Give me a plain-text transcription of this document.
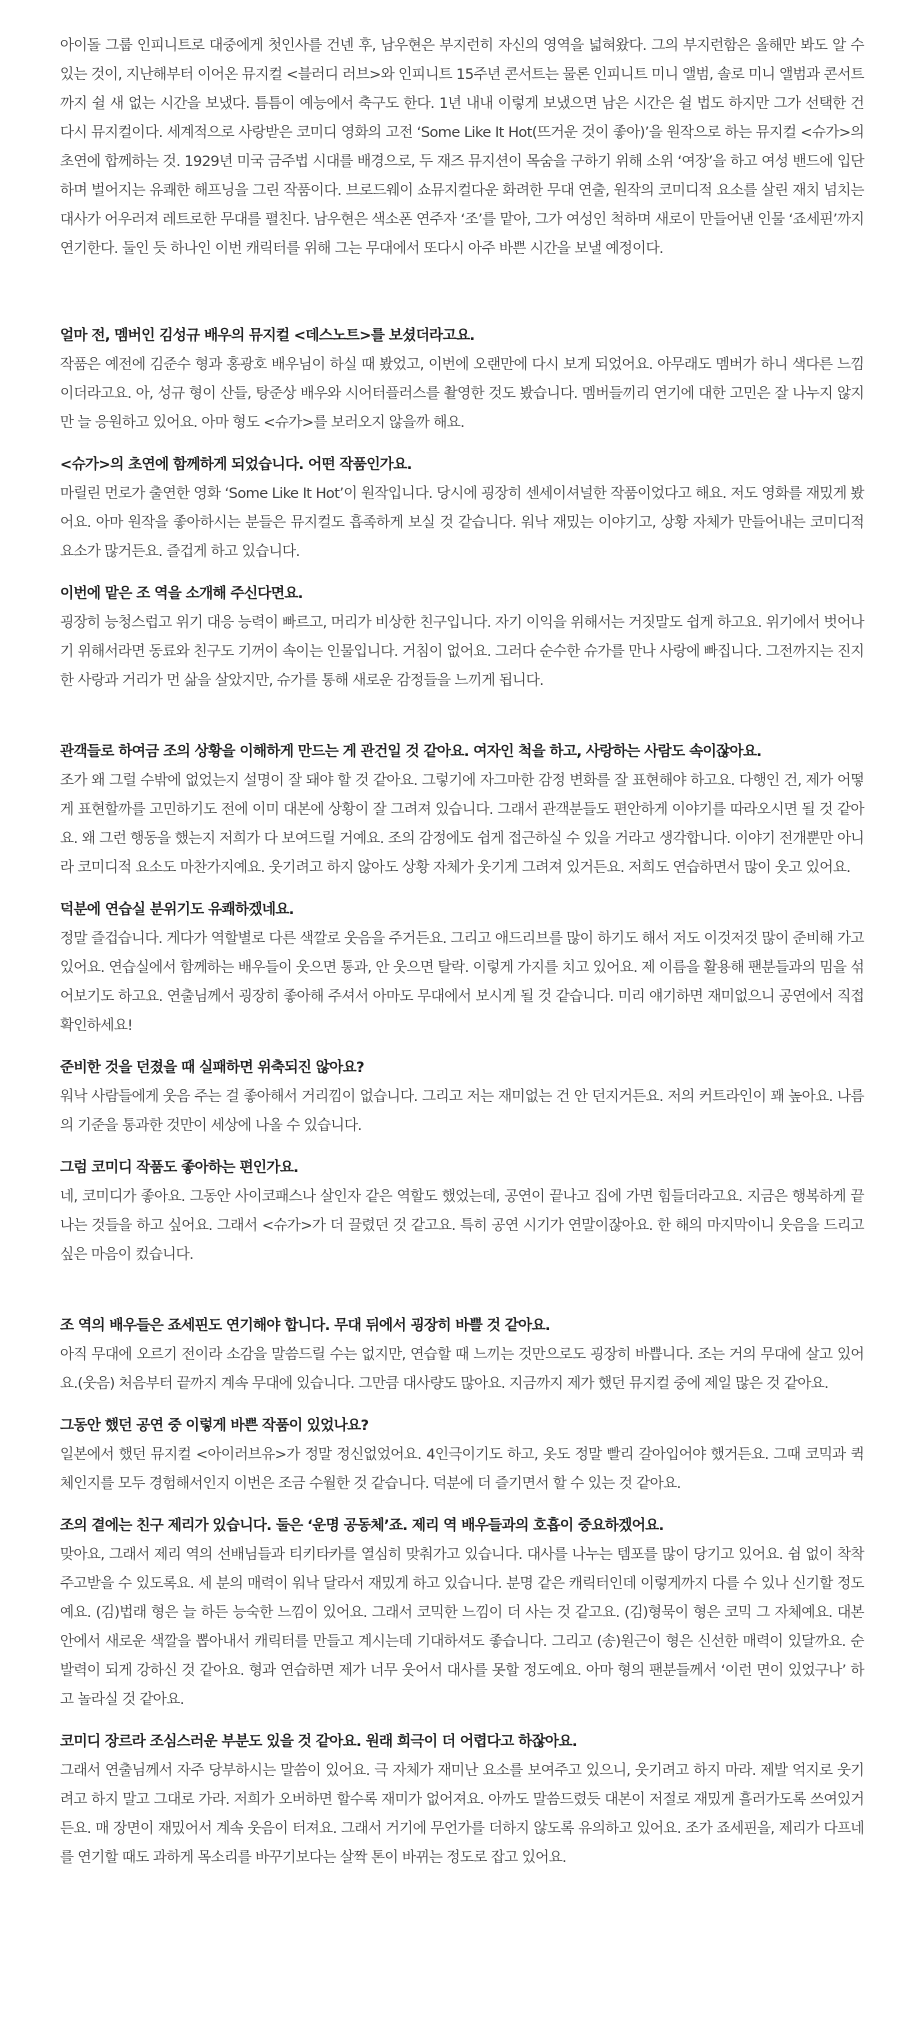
아이돌 그룹 인피니트로 대중에게 첫인사를 건넨 후, 남우현은 부지런히 자신의 영역을 넓혀왔다. 그의 부지런함은 올해만 봐도 알 수 있는 것이, 지난해부터 이어온 뮤지컬 <블러디 러브>와 인피니트 15주년 콘서트는 물론 인피니트 미니 앨범, 솔로 미니 앨범과 콘서트까지 쉴 새 없는 시간을 보냈다. 틈틈이 예능에서 축구도 한다. 1년 내내 이렇게 보냈으면 남은 시간은 쉴 법도 하지만 그가 선택한 건 다시 뮤지컬이다. 세계적으로 사랑받은 코미디 영화의 고전 ‘Some Like It Hot(뜨거운 것이 좋아)’을 원작으로 하는 뮤지컬 <슈가>의 초연에 합께하는 것. 1929년 미국 금주법 시대를 배경으로, 두 재즈 뮤지션이 목숨을 구하기 위해 소위 ‘여장’을 하고 여성 밴드에 입단하며 벌어지는 유쾌한 해프닝을 그린 작품이다. 브로드웨이 쇼뮤지컬다운 화려한 무대 연출, 원작의 코미디적 요소를 살린 재치 넘치는 대사가 어우러져 레트로한 무대를 펼친다. 남우현은 색소폰 연주자 ‘조’를 맡아, 그가 여성인 척하며 새로이 만들어낸 인물 ‘죠세핀’까지 연기한다. 둘인 듯 하나인 이번 캐릭터를 위해 그는 무대에서 또다시 아주 바쁜 시간을 보낼 예정이다.

얼마 전, 멤버인 김성규 배우의 뮤지컬 <데스노트>를 보셨더라고요.

작품은 예전에 김준수 형과 홍광호 배우님이 하실 때 봤었고, 이번에 오랜만에 다시 보게 되었어요. 아무래도 멤버가 하니 색다른 느낌이더라고요. 아, 성규 형이 산들, 탕준상 배우와 시어터플러스를 촬영한 것도 봤습니다. 멤버들끼리 연기에 대한 고민은 잘 나누지 않지만 늘 응원하고 있어요. 아마 형도 <슈가>를 보러오지 않을까 해요.

<슈가>의 초연에 함께하게 되었습니다. 어떤 작품인가요.

마릴린 먼로가 출연한 영화 ‘Some Like It Hot’이 원작입니다. 당시에 굉장히 센세이셔널한 작품이었다고 해요. 저도 영화를 재밌게 봤어요. 아마 원작을 좋아하시는 분들은 뮤지컬도 흡족하게 보실 것 같습니다. 워낙 재밌는 이야기고, 상황 자체가 만들어내는 코미디적 요소가 많거든요. 즐겁게 하고 있습니다.

이번에 맡은 조 역을 소개해 주신다면요.

굉장히 능청스럽고 위기 대응 능력이 빠르고, 머리가 비상한 친구입니다. 자기 이익을 위해서는 거짓말도 쉽게 하고요. 위기에서 벗어나기 위해서라면 동료와 친구도 기꺼이 속이는 인물입니다. 거침이 없어요. 그러다 순수한 슈가를 만나 사랑에 빠집니다. 그전까지는 진지한 사랑과 거리가 먼 삶을 살았지만, 슈가를 통해 새로운 감정들을 느끼게 됩니다.

관객들로 하여금 조의 상황을 이해하게 만드는 게 관건일 것 같아요. 여자인 척을 하고, 사랑하는 사람도 속이잖아요.

조가 왜 그럴 수밖에 없었는지 설명이 잘 돼야 할 것 같아요. 그렇기에 자그마한 감정 변화를 잘 표현해야 하고요. 다행인 건, 제가 어떻게 표현할까를 고민하기도 전에 이미 대본에 상황이 잘 그려져 있습니다. 그래서 관객분들도 편안하게 이야기를 따라오시면 될 것 같아요. 왜 그런 행동을 했는지 저희가 다 보여드릴 거예요. 조의 감정에도 쉽게 접근하실 수 있을 거라고 생각합니다. 이야기 전개뿐만 아니라 코미디적 요소도 마찬가지예요. 웃기려고 하지 않아도 상황 자체가 웃기게 그려져 있거든요. 저희도 연습하면서 많이 웃고 있어요.

덕분에 연습실 분위기도 유쾌하겠네요.

정말 즐겁습니다. 게다가 역할별로 다른 색깔로 웃음을 주거든요. 그리고 애드리브를 많이 하기도 해서 저도 이것저것 많이 준비해 가고 있어요. 연습실에서 함께하는 배우들이 웃으면 통과, 안 웃으면 탈락. 이렇게 가지를 치고 있어요. 제 이름을 활용해 팬분들과의 밈을 섞어보기도 하고요. 연출님께서 굉장히 좋아해 주셔서 아마도 무대에서 보시게 될 것 같습니다. 미리 얘기하면 재미없으니 공연에서 직접 확인하세요!

준비한 것을 던졌을 때 실패하면 위축되진 않아요?

워낙 사람들에게 웃음 주는 걸 좋아해서 거리낌이 없습니다. 그리고 저는 재미없는 건 안 던지거든요. 저의 커트라인이 꽤 높아요. 나름의 기준을 통과한 것만이 세상에 나올 수 있습니다.

그럼 코미디 작품도 좋아하는 편인가요.

네, 코미디가 좋아요. 그동안 사이코패스나 살인자 같은 역할도 했었는데, 공연이 끝나고 집에 가면 힘들더라고요. 지금은 행복하게 끝나는 것들을 하고 싶어요. 그래서 <슈가>가 더 끌렸던 것 같고요. 특히 공연 시기가 연말이잖아요. 한 해의 마지막이니 웃음을 드리고 싶은 마음이 컸습니다.

조 역의 배우들은 죠세핀도 연기해야 합니다. 무대 뒤에서 굉장히 바쁠 것 같아요.

아직 무대에 오르기 전이라 소감을 말씀드릴 수는 없지만, 연습할 때 느끼는 것만으로도 굉장히 바쁩니다. 조는 거의 무대에 살고 있어요.(웃음) 처음부터 끝까지 계속 무대에 있습니다. 그만큼 대사량도 많아요. 지금까지 제가 했던 뮤지컬 중에 제일 많은 것 같아요.

그동안 했던 공연 중 이렇게 바쁜 작품이 있었나요?

일본에서 했던 뮤지컬 <아이러브유>가 정말 정신없었어요. 4인극이기도 하고, 옷도 정말 빨리 갈아입어야 했거든요. 그때 코믹과 퀵 체인지를 모두 경험해서인지 이번은 조금 수월한 것 같습니다. 덕분에 더 즐기면서 할 수 있는 것 같아요.

조의 곁에는 친구 제리가 있습니다. 둘은 ‘운명 공동체’죠. 제리 역 배우들과의 호흡이 중요하겠어요.

맞아요, 그래서 제리 역의 선배님들과 티키타카를 열심히 맞춰가고 있습니다. 대사를 나누는 템포를 많이 당기고 있어요. 쉼 없이 착착 주고받을 수 있도록요. 세 분의 매력이 워낙 달라서 재밌게 하고 있습니다. 분명 같은 캐릭터인데 이렇게까지 다를 수 있나 신기할 정도예요. (김)법래 형은 늘 하든 능숙한 느낌이 있어요. 그래서 코믹한 느낌이 더 사는 것 같고요. (김)형묵이 형은 코믹 그 자체예요. 대본 안에서 새로운 색깔을 뽑아내서 캐릭터를 만들고 계시는데 기대하셔도 좋습니다. 그리고 (송)원근이 형은 신선한 매력이 있달까요. 순발력이 되게 강하신 것 같아요. 형과 연습하면 제가 너무 웃어서 대사를 못할 정도예요. 아마 형의 팬분들께서 ‘이런 면이 있었구나’ 하고 놀라실 것 같아요.

코미디 장르라 조심스러운 부분도 있을 것 같아요. 원래 희극이 더 어렵다고 하잖아요.

그래서 연출님께서 자주 당부하시는 말씀이 있어요. 극 자체가 재미난 요소를 보여주고 있으니, 웃기려고 하지 마라. 제발 억지로 웃기려고 하지 말고 그대로 가라. 저희가 오버하면 할수록 재미가 없어져요. 아까도 말씀드렸듯 대본이 저절로 재밌게 흘러가도록 쓰여있거든요. 매 장면이 재밌어서 계속 웃음이 터져요. 그래서 거기에 무언가를 더하지 않도록 유의하고 있어요. 조가 죠세핀을, 제리가 다프네를 연기할 때도 과하게 목소리를 바꾸기보다는 살짝 톤이 바뀌는 정도로 잡고 있어요.
